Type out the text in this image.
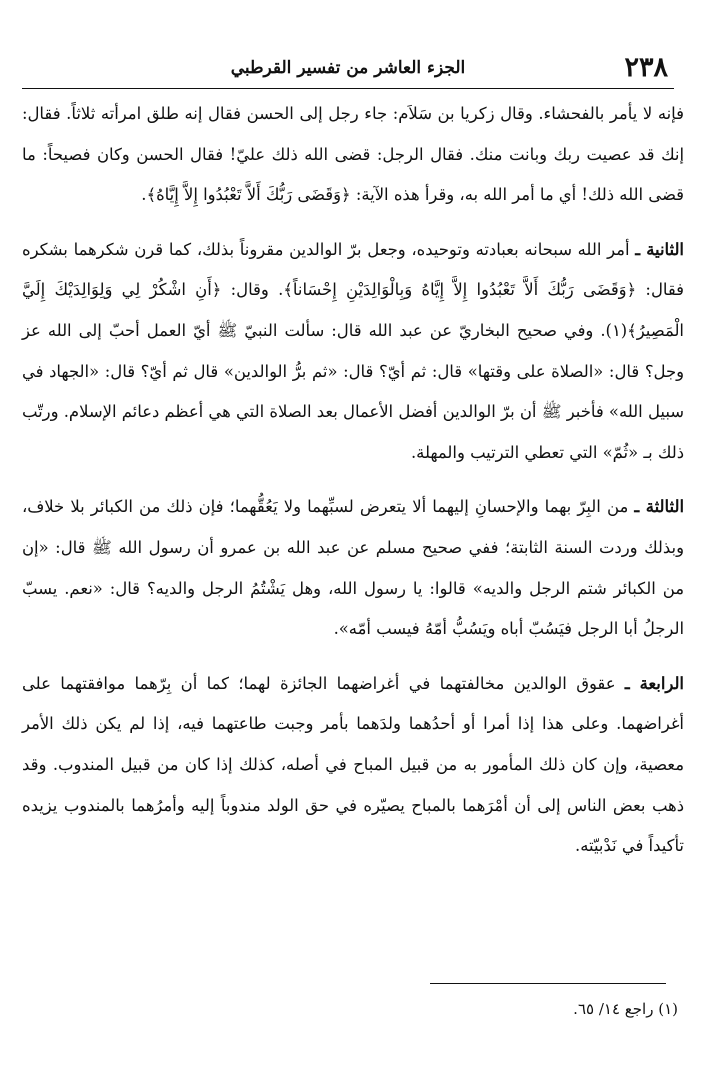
٢٣٨
الجزء العاشر من تفسير القرطبي

فإنه لا يأمر بالفحشاء. وقال زكريا بن سَلاَم: جاء رجل إلى الحسن فقال إنه طلق امرأته ثلاثاً. فقال: إنك قد عصيت ربك وبانت منك. فقال الرجل: قضى الله ذلك عليّ! فقال الحسن وكان فصيحاً: ما قضى الله ذلك! أي ما أمر الله به، وقرأ هذه الآية: ﴿وَقَضَى رَبُّكَ أَلاَّ تَعْبُدُوا إِلاَّ إِيَّاهُ﴾.

الثانية ـ أمر الله سبحانه بعبادته وتوحيده، وجعل برّ الوالدين مقروناً بذلك، كما قرن شكرهما بشكره فقال: ﴿وَقَضَى رَبُّكَ أَلاَّ تَعْبُدُوا إِلاَّ إِيَّاهُ وَبِالْوَالِدَيْنِ إِحْسَاناً﴾. وقال: ﴿أَنِ اشْكُرْ لِي وَلِوَالِدَيْكَ إِلَيَّ الْمَصِيرُ﴾(١). وفي صحيح البخاريّ عن عبد الله قال: سألت النبيّ ﷺ أيّ العمل أحبّ إلى الله عز وجل؟ قال: «الصلاة على وقتها» قال: ثم أيّ؟ قال: «ثم برُّ الوالدين» قال ثم أيّ؟ قال: «الجهاد في سبيل الله» فأخبر ﷺ أن برّ الوالدين أفضل الأعمال بعد الصلاة التي هي أعظم دعائم الإسلام. ورتّب ذلك بـ «ثُمّ» التي تعطي الترتيب والمهلة.

الثالثة ـ من البِرّ بهما والإحسانِ إليهما ألا يتعرض لسبِّهما ولا يَعُقُّهما؛ فإن ذلك من الكبائر بلا خلاف، وبذلك وردت السنة الثابتة؛ ففي صحيح مسلم عن عبد الله بن عمرو أن رسول الله ﷺ قال: «إن من الكبائر شتم الرجل والديه» قالوا: يا رسول الله، وهل يَشْتُمُ الرجل والديه؟ قال: «نعم. يسبّ الرجلُ أبا الرجل فيَسُبّ أباه ويَسُبُّ أمّهُ فيسب أمّه».

الرابعة ـ عقوق الوالدين مخالفتهما في أغراضهما الجائزة لهما؛ كما أن بِرّهما موافقتهما على أغراضهما. وعلى هذا إذا أمرا أو أحدُهما ولدَهما بأمر وجبت طاعتهما فيه، إذا لم يكن ذلك الأمر معصية، وإن كان ذلك المأمور به من قبيل المباح في أصله، كذلك إذا كان من قبيل المندوب. وقد ذهب بعض الناس إلى أن أمْرَهما بالمباح يصيّره في حق الولد مندوباً إليه وأمرُهما بالمندوب يزيده تأكيداً في نَدْبيّته.

(١) راجع ١٤/ ٦٥.
